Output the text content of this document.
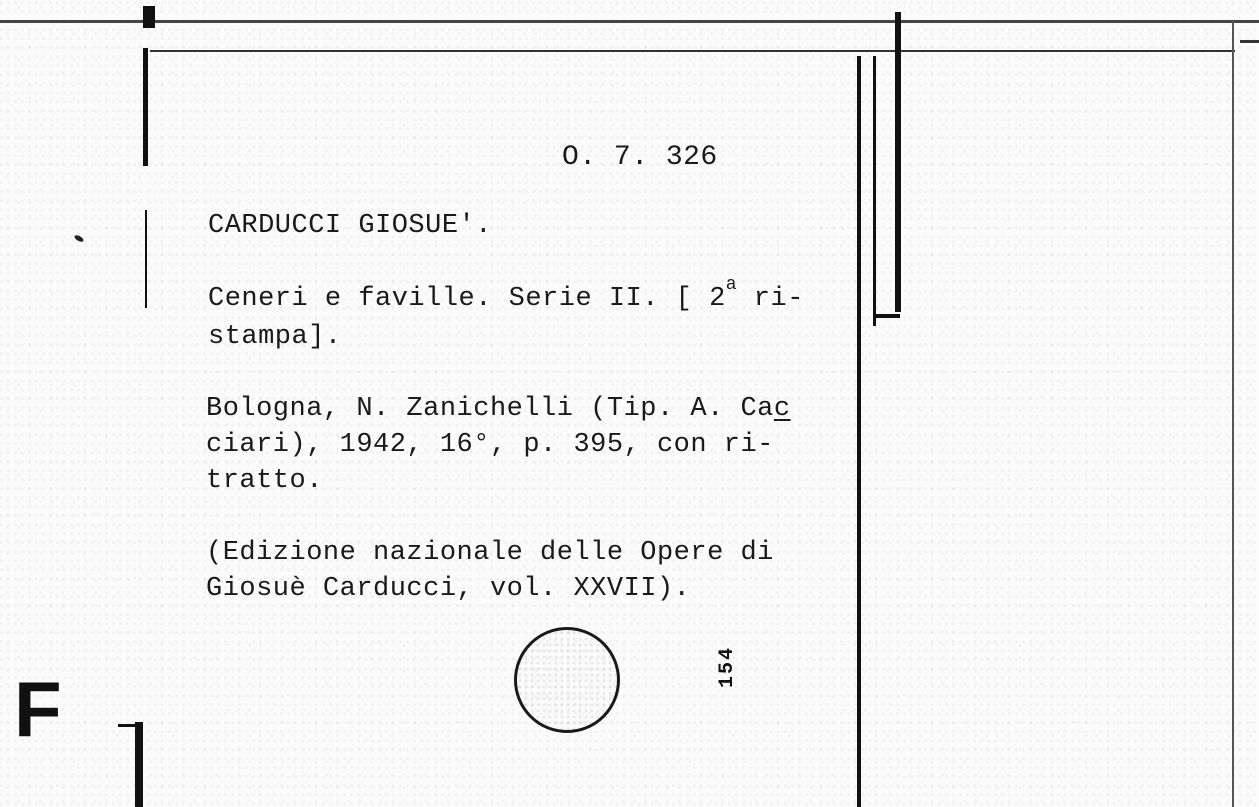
O. 7. 326
CARDUCCI GIOSUE'.
Ceneri e faville. Serie II. [ 2$^a$ ri-
stampa].
Bologna, N. Zanichelli (Tip. A. Cac
ciari), 1942, 16°, p. 395, con ri-
tratto.
(Edizione nazionale delle Opere di
Giosuè Carducci, vol. XXVII).
154
F
